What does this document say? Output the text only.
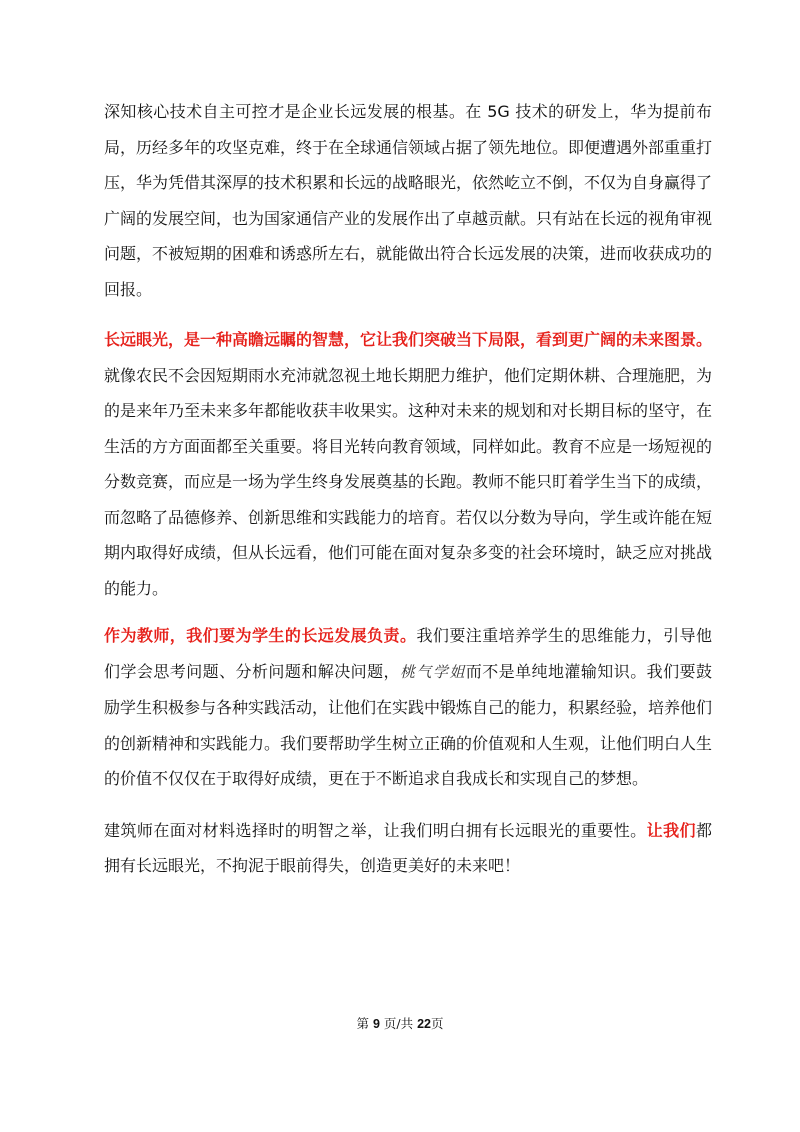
深知核心技术自主可控才是企业长远发展的根基。在 5G 技术的研发上，华为提前布局，历经多年的攻坚克难，终于在全球通信领域占据了领先地位。即便遭遇外部重重打压，华为凭借其深厚的技术积累和长远的战略眼光，依然屹立不倒，不仅为自身赢得了广阔的发展空间，也为国家通信产业的发展作出了卓越贡献。只有站在长远的视角审视问题，不被短期的困难和诱惑所左右，就能做出符合长远发展的决策，进而收获成功的回报。

长远眼光，是一种高瞻远瞩的智慧，它让我们突破当下局限，看到更广阔的未来图景。就像农民不会因短期雨水充沛就忽视土地长期肥力维护，他们定期休耕、合理施肥，为的是来年乃至未来多年都能收获丰收果实。这种对未来的规划和对长期目标的坚守，在生活的方方面面都至关重要。将目光转向教育领域，同样如此。教育不应是一场短视的分数竞赛，而应是一场为学生终身发展奠基的长跑。教师不能只盯着学生当下的成绩，而忽略了品德修养、创新思维和实践能力的培育。若仅以分数为导向，学生或许能在短期内取得好成绩，但从长远看，他们可能在面对复杂多变的社会环境时，缺乏应对挑战的能力。

作为教师，我们要为学生的长远发展负责。我们要注重培养学生的思维能力，引导他们学会思考问题、分析问题和解决问题，桃气学姐而不是单纯地灌输知识。我们要鼓励学生积极参与各种实践活动，让他们在实践中锻炼自己的能力，积累经验，培养他们的创新精神和实践能力。我们要帮助学生树立正确的价值观和人生观，让他们明白人生的价值不仅仅在于取得好成绩，更在于不断追求自我成长和实现自己的梦想。

建筑师在面对材料选择时的明智之举，让我们明白拥有长远眼光的重要性。让我们都拥有长远眼光，不拘泥于眼前得失，创造更美好的未来吧！

第 9 页/共 22页
